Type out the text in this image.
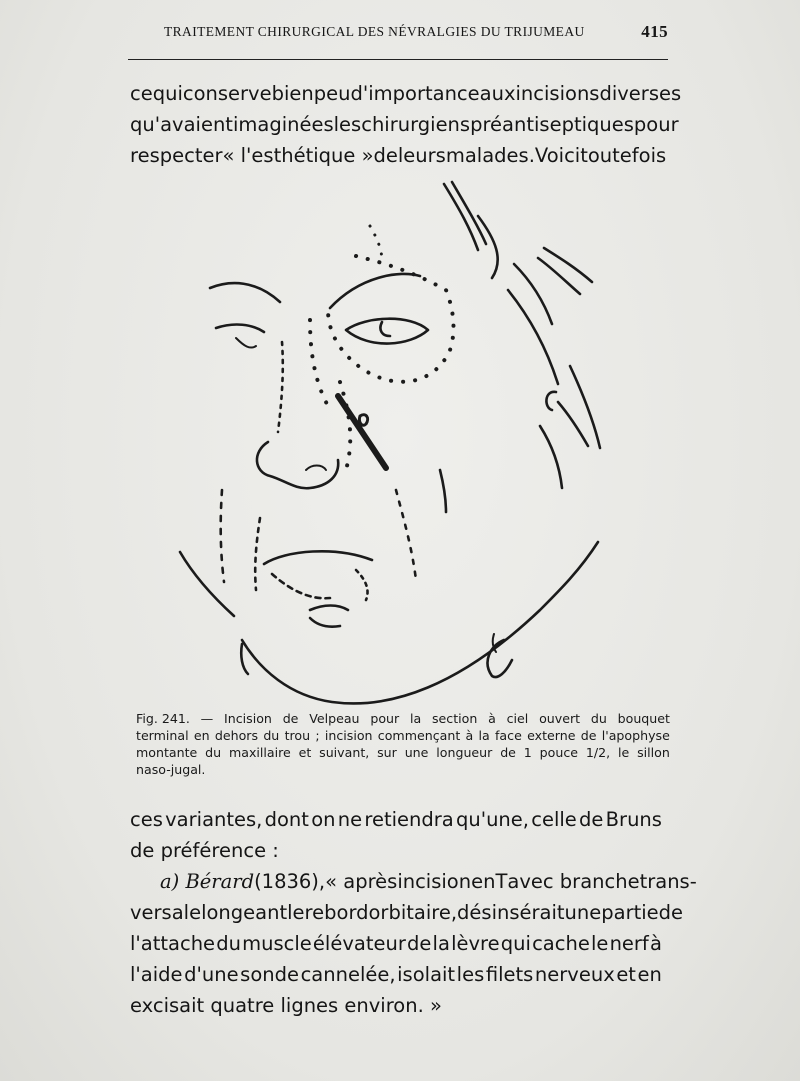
TRAITEMENT CHIRURGICAL DES NÉVRALGIES DU TRIJUMEAU	415
ce qui conserve bien peu d'importance aux incisions diverses
qu'avaient imaginées les chirurgiens préantiseptiques pour
respecter « l'esthétique » de leurs malades. Voici toutefois
Fig. 241. — Incision de Velpeau pour la section à ciel ouvert du bouquet
terminal en dehors du trou ; incision commençant à la face externe de l'apophyse
montante du maxillaire et suivant, sur une longueur de 1 pouce 1/2, le sillon
naso-jugal.
ces variantes, dont on ne retiendra qu'une, celle de Bruns
de préférence :
a) Bérard (1836), « après incision en T avec branche trans-
versale longeant le rebord orbitaire, désinsérait une partie de
l'attache du muscle élévateur de la lèvre qui cache le nerf à
l'aide d'une sonde cannelée, isolait les filets nerveux et en
excisait quatre lignes environ. »
